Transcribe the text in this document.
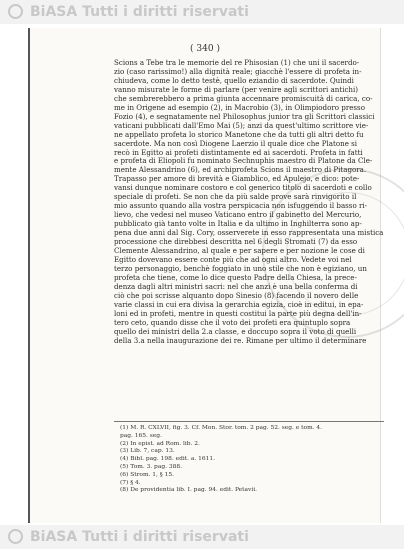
BiASA Tutti i diritti riservati
( 340 )
Scions a Tebe tra le memorie del re Phisosian (1) che uni il sacerdo-
zio (caso rarissimo!) alla dignità reale; giacchè l'essere di profeta in-
chiudeva, come lo detto testè, quello eziandio di sacerdote. Quindi
vanno misurate le forme di parlare (per venire agli scrittori antichi)
che sembrerebbero a prima giunta accennare promiscuità di carica, co-
me in Origene ad esempio (2), in Macrobio (3), in Olimpiodoro presso
Fozio (4), e segnatamente nel Philosophus junior tra gli Scrittori classici
vaticani pubblicati dall'Emo Mai (5); anzi da quest'ultimo scrittore vie-
ne appellato profeta lo storico Manetone che da tutti gli altri detto fu
sacerdote. Ma non così Diogene Laerzio il quale dice che Platone si
recò in Egitto ai profeti distintamente ed ai sacerdoti. Profeta in fatti
e profeta di Eliopoli fu nominato Sechnuphis maestro di Platone da Cle-
mente Alessandrino (6), ed archiprofeta Scions il maestro di Pitagora.
Trapasso per amore di brevità e Giamblico, ed Apulejo, e dico: pote-
vansi dunque nominare costoro e col generico titolo di sacerdoti e collo
speciale di profeti. Se non che da più salde prove sarà rinvigorito il
mio assunto quando alla vostra perspicacia non isfuggendo il basso ri-
lievo, che vedesi nel museo Vaticano entro il gabinetto del Mercurio,
pubblicato già tanto volte in Italia e da ultimo in Inghilterra sono ap-
pena due anni dal Sig. Cory, osserverete in esso rappresentata una mistica
processione che direbbesi descritta nel 6 degli Stromati (7) da esso
Clemente Alessandrino, al quale e per sapere e per nozione le cose di
Egitto dovevano essere conte più che ad ogni altro. Vedete voi nel
terzo personaggio, benchè foggiato in uno stile che non è egiziano, un
profeta che tiene, come lo dice questo Padre della Chiesa, la prece-
denza dagli altri ministri sacri: nel che anzi è una bella conferma di
ciò che poi scrisse alquanto dopo Sinesio (8) facendo il novero delle
varie classi in cui era divisa la gerarchia egizia, cioè in editui, in epa-
loni ed in profeti, mentre in questi costitui la parte più degna dell'in-
tero ceto, quando disse che il voto dei profeti era quintuplo sopra
quello dei ministri della 2.a classe, e doccupo sopra il voto di quelli
della 3.a nella inaugurazione dei re. Rimane per ultimo il determinare
(1) M. R. CXLVII, fig. 3. Cf. Mon. Stor. tom. 2 pag. 52. seg. e tom. 4.
pag. 165. seg.
(2) In epist. ad Rom. lib. 2.
(3) Lib. 7, cap. 13.
(4) Bibl. pag. 198. edit. a. 1611.
(5) Tom. 3. pag. 388.
(6) Strom. 1, § 15.
(7) § 4.
(8) De providentia lib. I. pag. 94. edit. Petavii.
BiASA Tutti i diritti riservati
